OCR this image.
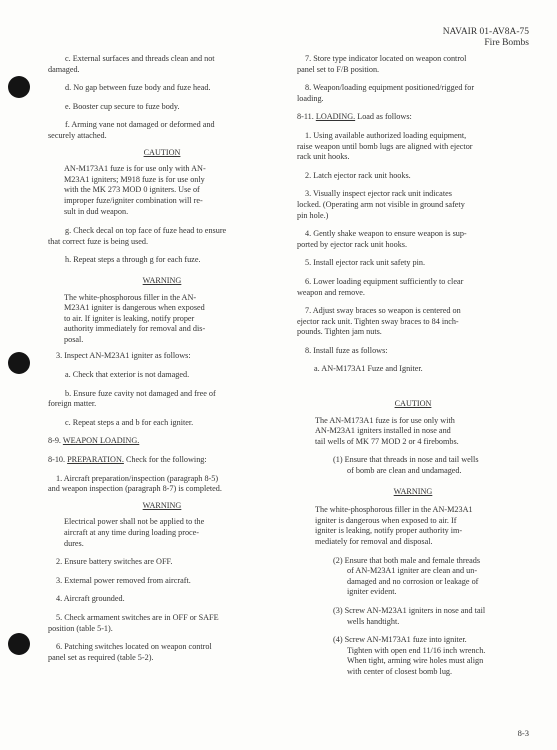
NAVAIR 01-AV8A-75
Fire Bombs

c. External surfaces and threads clean and not

damaged.

d. No gap between fuze body and fuze head.

e. Booster cup secure to fuze body.

f. Arming vane not damaged or deformed and

securely attached.

CAUTION

AN-M173A1 fuze is for use only with AN-

M23A1 igniters; M918 fuze is for use only

with the MK 273 MOD 0 igniters. Use of

improper fuze/igniter combination will re-

sult in dud weapon.

g. Check decal on top face of fuze head to ensure

that correct fuze is being used.

h. Repeat steps a through g for each fuze.

WARNING

The white-phosphorous filler in the AN-

M23A1 igniter is dangerous when exposed

to air. If igniter is leaking, notify proper

authority immediately for removal and dis-

posal.

3. Inspect AN-M23A1 igniter as follows:

a. Check that exterior is not damaged.

b. Ensure fuze cavity not damaged and free of

foreign matter.

c. Repeat steps a and b for each igniter.

8-9. WEAPON LOADING.

8-10. PREPARATION. Check for the following:

1. Aircraft preparation/inspection (paragraph 8-5)

and weapon inspection (paragraph 8-7) is completed.

WARNING

Electrical power shall not be applied to the

aircraft at any time during loading proce-

dures.

2. Ensure battery switches are OFF.

3. External power removed from aircraft.

4. Aircraft grounded.

5. Check armament switches are in OFF or SAFE

position (table 5-1).

6. Patching switches located on weapon control

panel set as required (table 5-2).

7. Store type indicator located on weapon control

panel set to F/B position.

8. Weapon/loading equipment positioned/rigged for

loading.

8-11. LOADING. Load as follows:

1. Using available authorized loading equipment,

raise weapon until bomb lugs are aligned with ejector

rack unit hooks.

2. Latch ejector rack unit hooks.

3. Visually inspect ejector rack unit indicates

locked. (Operating arm not visible in ground safety

pin hole.)

4. Gently shake weapon to ensure weapon is sup-

ported by ejector rack unit hooks.

5. Install ejector rack unit safety pin.

6. Lower loading equipment sufficiently to clear

weapon and remove.

7. Adjust sway braces so weapon is centered on

ejector rack unit. Tighten sway braces to 84 inch-

pounds. Tighten jam nuts.

8. Install fuze as follows:

a. AN-M173A1 Fuze and Igniter.

CAUTION

The AN-M173A1 fuze is for use only with

AN-M23A1 igniters installed in nose and

tail wells of MK 77 MOD 2 or 4 firebombs.

(1) Ensure that threads in nose and tail wells

of bomb are clean and undamaged.

WARNING

The white-phosphorous filler in the AN-M23A1

igniter is dangerous when exposed to air. If

igniter is leaking, notify proper authority im-

mediately for removal and disposal.

(2) Ensure that both male and female threads

of AN-M23A1 igniter are clean and un-

damaged and no corrosion or leakage of

igniter evident.

(3) Screw AN-M23A1 igniters in nose and tail

wells handtight.

(4) Screw AN-M173A1 fuze into igniter.

Tighten with open end 11/16 inch wrench.

When tight, arming wire holes must align

with center of closest bomb lug.

8-3
